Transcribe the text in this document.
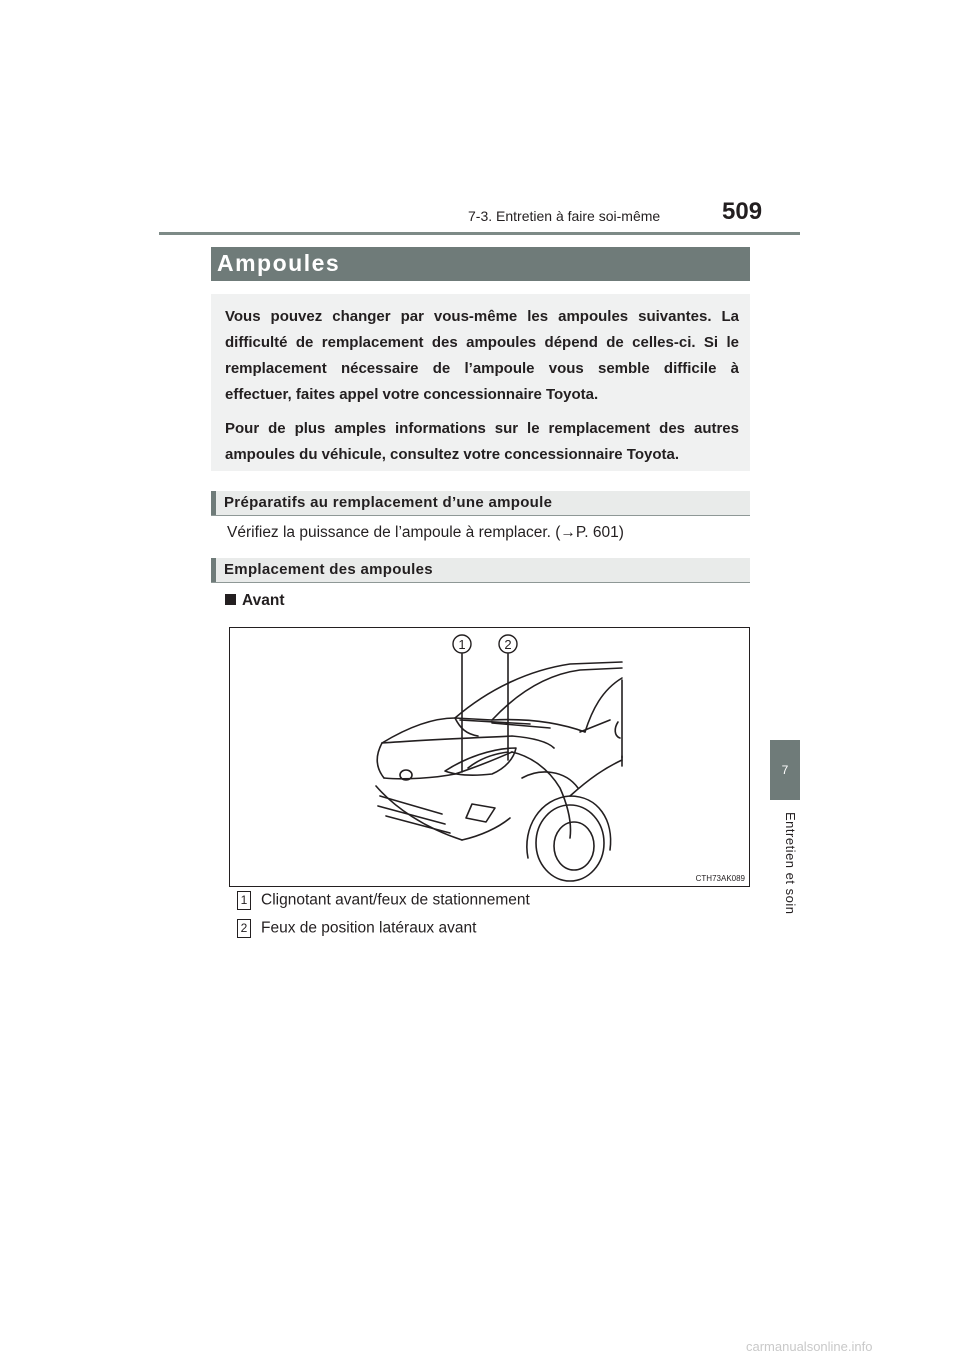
7-3. Entretien à faire soi-même	509
7
Entretien et soin
Ampoules

Vous pouvez changer par vous-même les ampoules suivantes. La difficulté de remplacement des ampoules dépend de celles-ci. Si le remplacement nécessaire de l’ampoule vous semble difficile à effectuer, faites appel votre concessionnaire Toyota.

Pour de plus amples informations sur le remplacement des autres ampoules du véhicule, consultez votre concessionnaire Toyota.

Préparatifs au remplacement d’une ampoule
Vérifiez la puissance de l’ampoule à remplacer. (→P. 601)
Emplacement des ampoules
Avant
1	2
CTH73AK089
1 Clignotant avant/feux de stationnement
2 Feux de position latéraux avant
carmanualsonline.info
